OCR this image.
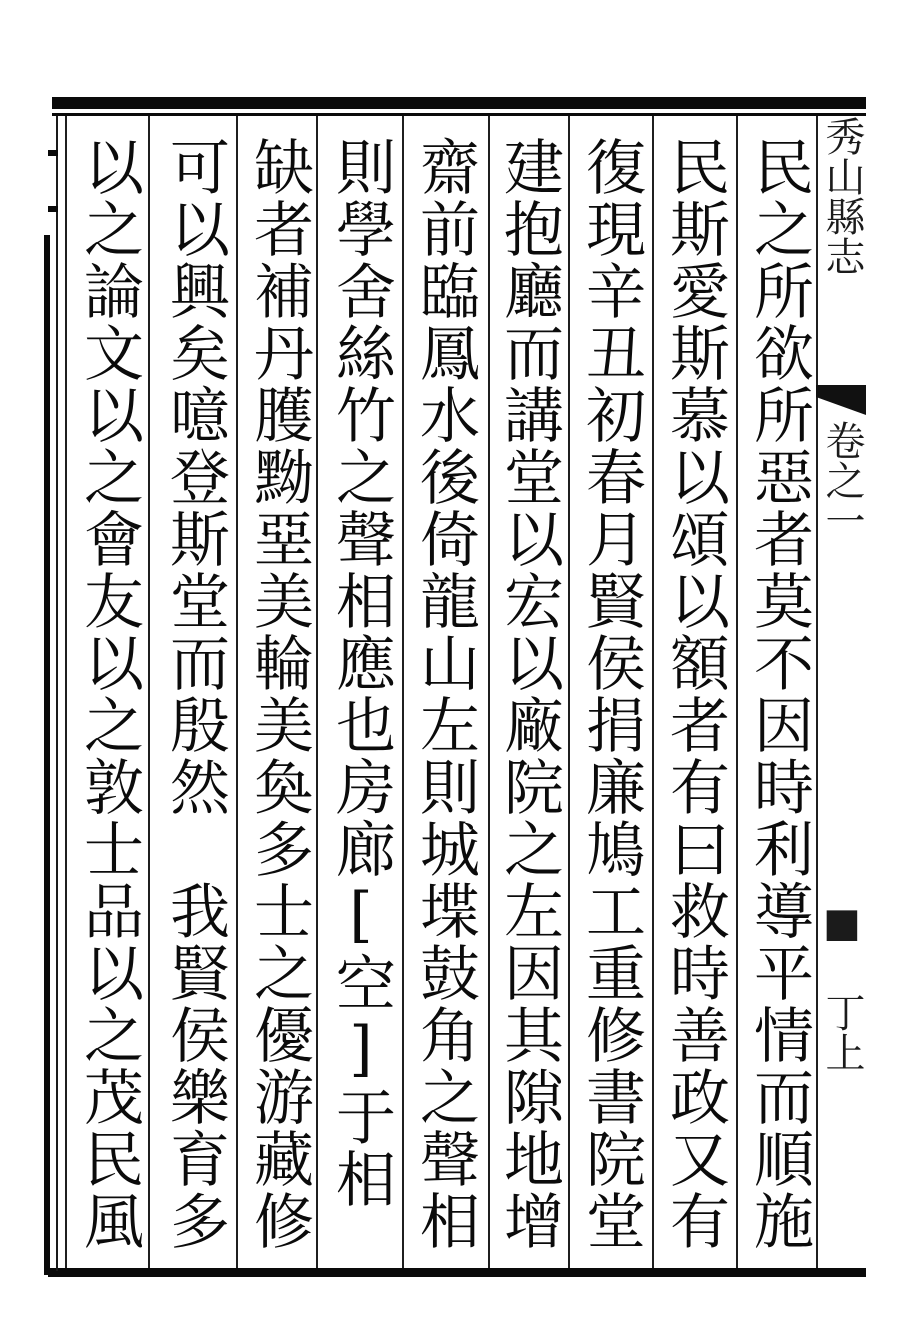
秀山縣志
卷之一
■ 丁上
民之所欲所惡者莫不因時利導平情而順施
民斯愛斯慕以頌以額者有曰救時善政又有
復現辛丑初春月賢侯捐廉鳩工重修書院堂
建抱廳而講堂以宏以廠院之左因其隙地增
齋前臨鳳水後倚龍山左則城堞鼓角之聲相
則學舍絲竹之聲相應也房廊[空]于相　　
缺者補丹臒黝堊美輪美奐多士之優游藏修
可以興矣噫登斯堂而殷然　我賢侯樂育多
以之論文以之會友以之敦士品以之茂民風
